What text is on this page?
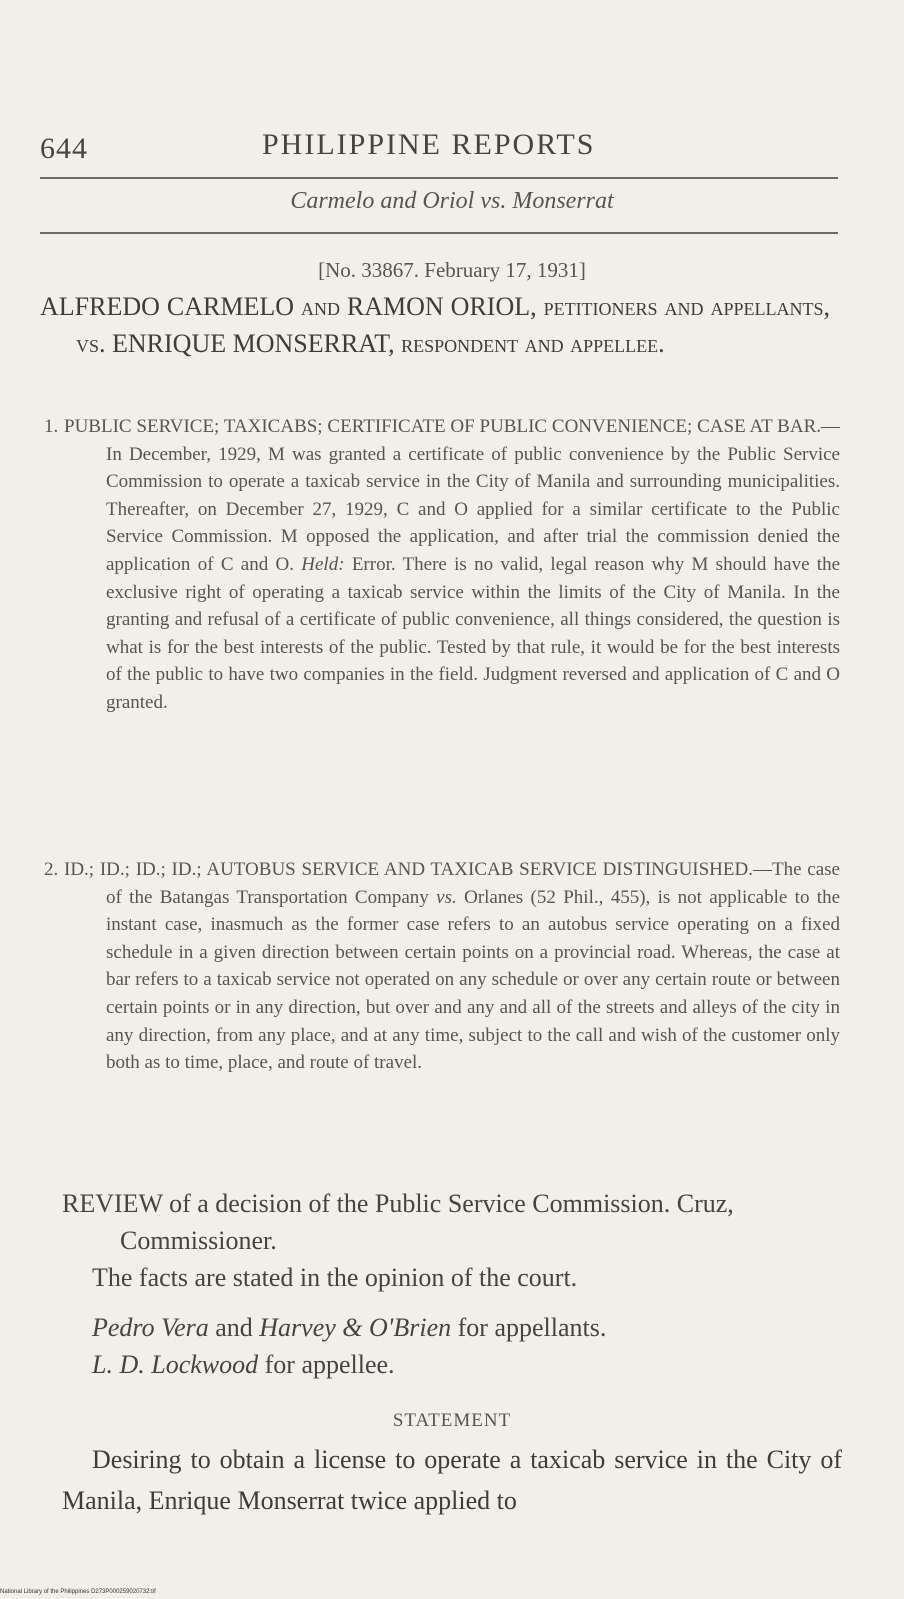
644	PHILIPPINE REPORTS
Carmelo and Oriol vs. Monserrat
[No. 33867. February 17, 1931]
ALFREDO CARMELO and RAMON ORIOL, petitioners and appellants, vs. ENRIQUE MONSERRAT, respondent and appellee.
1. PUBLIC SERVICE; TAXICABS; CERTIFICATE OF PUBLIC CONVENIENCE; CASE AT BAR.—In December, 1929, M was granted a certificate of public convenience by the Public Service Commission to operate a taxicab service in the City of Manila and surrounding municipalities. Thereafter, on December 27, 1929, C and O applied for a similar certificate to the Public Service Commission. M opposed the application, and after trial the commission denied the application of C and O. Held: Error. There is no valid, legal reason why M should have the exclusive right of operating a taxicab service within the limits of the City of Manila. In the granting and refusal of a certificate of public convenience, all things considered, the question is what is for the best interests of the public. Tested by that rule, it would be for the best interests of the public to have two companies in the field. Judgment reversed and application of C and O granted.
2. ID.; ID.; ID.; ID.; AUTOBUS SERVICE AND TAXICAB SERVICE DISTINGUISHED.—The case of the Batangas Transportation Company vs. Orlanes (52 Phil., 455), is not applicable to the instant case, inasmuch as the former case refers to an autobus service operating on a fixed schedule in a given direction between certain points on a provincial road. Whereas, the case at bar refers to a taxicab service not operated on any schedule or over any certain route or between certain points or in any direction, but over and any and all of the streets and alleys of the city in any direction, from any place, and at any time, subject to the call and wish of the customer only both as to time, place, and route of travel.
REVIEW of a decision of the Public Service Commission. Cruz, Commissioner.
The facts are stated in the opinion of the court.
Pedro Vera and Harvey & O'Brien for appellants.
L. D. Lockwood for appellee.
STATEMENT
Desiring to obtain a license to operate a taxicab service in the City of Manila, Enrique Monserrat twice applied to
National Library of the Philippines D273P000259020732.tif
